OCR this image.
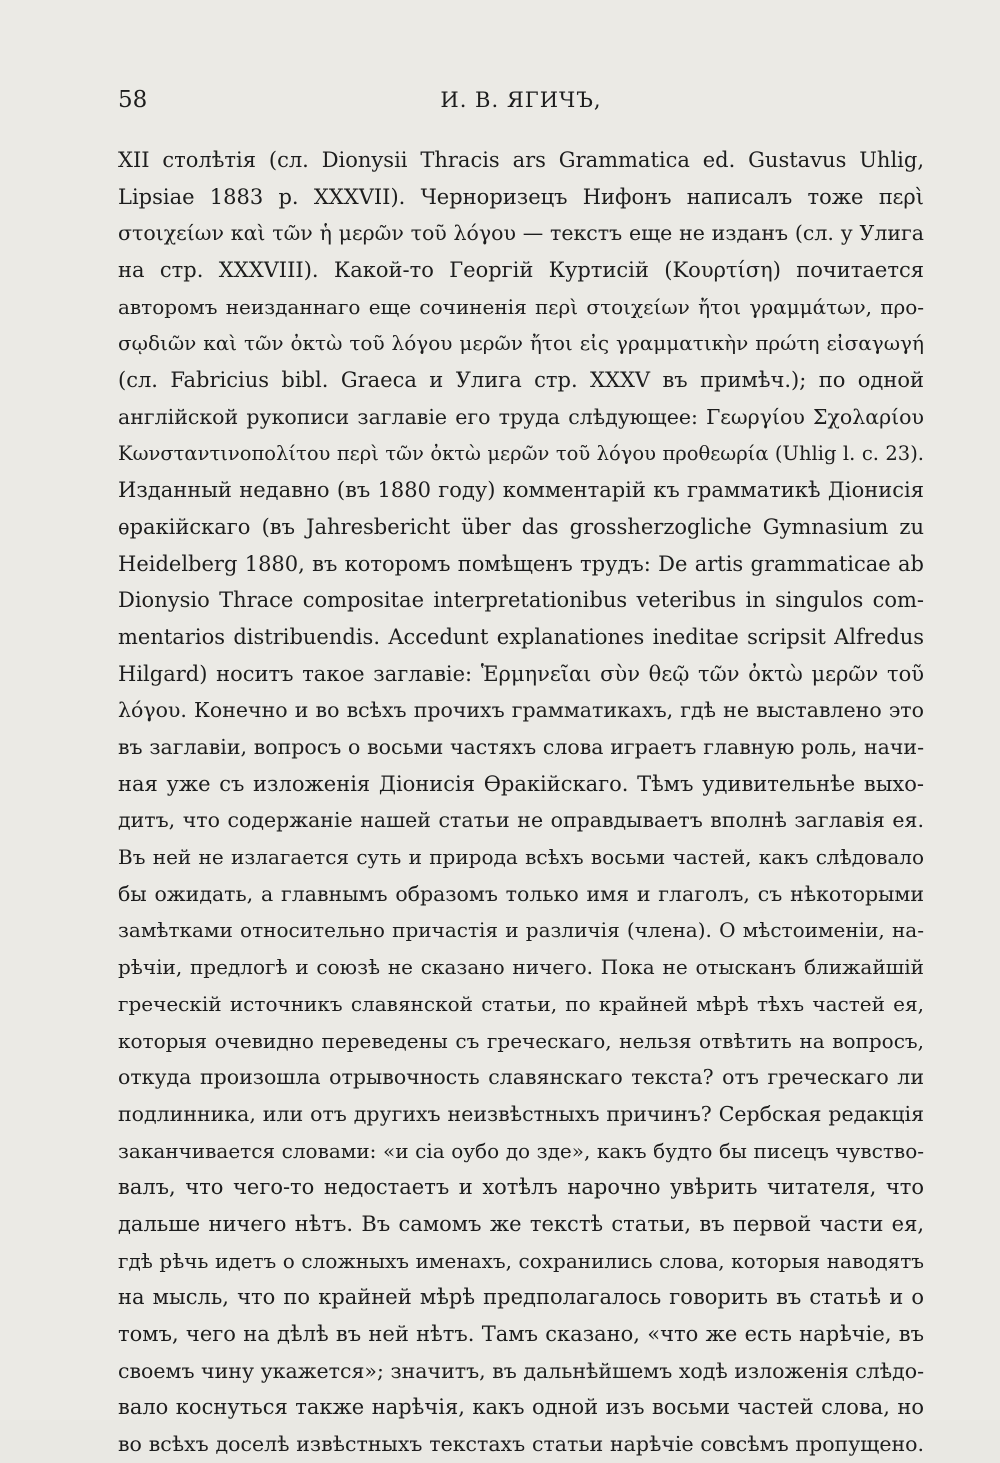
58	И. В. ЯГИЧЪ,
XII столѣтія (сл. Dionysii Thracis ars Grammatica ed. Gustavus Uhlig,
Lipsiae 1883 p. XXXVII). Черноризецъ Нифонъ написалъ тоже περὶ
στοιχείων καὶ τῶν ἡ μερῶν τοῦ λόγου — текстъ еще не изданъ (сл. у Улига
на стр. XXXVIII). Какой-то Георгій Куртисій (Κουρτίση) почитается
авторомъ неизданнаго еще сочиненія περὶ στοιχείων ἤτοι γραμμάτων, προ-
σῳδιῶν καὶ τῶν ὀκτὼ τοῦ λόγου μερῶν ἤτοι εἰς γραμματικὴν πρώτη εἰσαγωγή
(сл. Fabricius bibl. Graeca и Улига стр. XXXV въ примѣч.); по одной
англійской рукописи заглавіе его труда слѣдующее: Γεωργίου Σχολαρίου
Κωνσταντινοπολίτου περὶ τῶν ὀκτὼ μερῶν τοῦ λόγου προθεωρία (Uhlig l. c. 23).
Изданный недавно (въ 1880 году) комментарій къ грамматикѣ Діонисія
ѳракійскаго (въ Jahresbericht über das grossherzogliche Gymnasium zu
Heidelberg 1880, въ которомъ помѣщенъ трудъ: De artis grammaticae ab
Dionysio Thrace compositae interpretationibus veteribus in singulos com-
mentarios distribuendis. Accedunt explanationes ineditae scripsit Alfredus
Hilgard) носитъ такое заглавіе: Ἑρμηνεῖαι σὺν θεῷ τῶν ὀκτὼ μερῶν τοῦ
λόγου. Конечно и во всѣхъ прочихъ грамматикахъ, гдѣ не выставлено это
въ заглавіи, вопросъ о восьми частяхъ слова играетъ главную роль, начи-
ная уже съ изложенія Діонисія Ѳракійскаго. Тѣмъ удивительнѣе выхо-
дитъ, что содержаніе нашей статьи не оправдываетъ вполнѣ заглавія ея.
Въ ней не излагается суть и природа всѣхъ восьми частей, какъ слѣдовало
бы ожидать, а главнымъ образомъ только имя и глаголъ, съ нѣкоторыми
замѣтками относительно причастія и различія (члена). О мѣстоименіи, на-
рѣчіи, предлогѣ и союзѣ не сказано ничего. Пока не отысканъ ближайшій
греческій источникъ славянской статьи, по крайней мѣрѣ тѣхъ частей ея,
которыя очевидно переведены съ греческаго, нельзя отвѣтить на вопросъ,
откуда произошла отрывочность славянскаго текста? отъ греческаго ли
подлинника, или отъ другихъ неизвѣстныхъ причинъ? Сербская редакція
заканчивается словами: «и сіа оубо до зде», какъ будто бы писецъ чувство-
валъ, что чего-то недостаетъ и хотѣлъ нарочно увѣрить читателя, что
дальше ничего нѣтъ. Въ самомъ же текстѣ статьи, въ первой части ея,
гдѣ рѣчь идетъ о сложныхъ именахъ, сохранились слова, которыя наводятъ
на мысль, что по крайней мѣрѣ предполагалось говорить въ статьѣ и о
томъ, чего на дѣлѣ въ ней нѣтъ. Тамъ сказано, «что же есть нарѣчіе, въ
своемъ чину укажется»; значитъ, въ дальнѣйшемъ ходѣ изложенія слѣдо-
вало коснуться также нарѣчія, какъ одной изъ восьми частей слова, но
во всѣхъ доселѣ извѣстныхъ текстахъ статьи нарѣчіе совсѣмъ пропущено.
